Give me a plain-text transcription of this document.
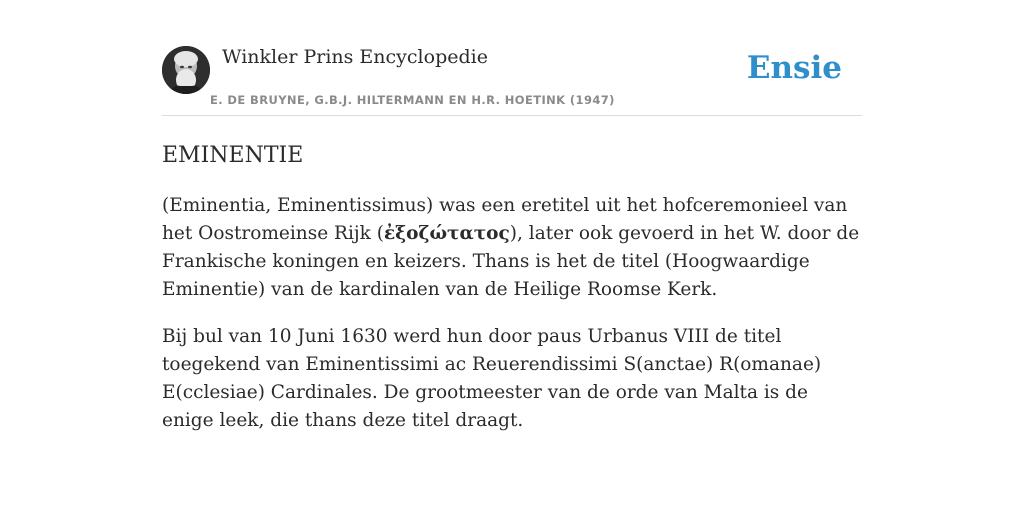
Winkler Prins Encyclopedie
E. DE BRUYNE, G.B.J. HILTERMANN EN H.R. HOETINK (1947)
Ensie
EMINENTIE

(Eminentia, Eminentissimus) was een eretitel uit het hofceremonieel van het Oostromeinse Rijk (ἐξοζώτατος), later ook gevoerd in het W. door de Frankische koningen en keizers. Thans is het de titel (Hoogwaardige Eminentie) van de kardinalen van de Heilige Roomse Kerk.

Bij bul van 10 Juni 1630 werd hun door paus Urbanus VIII de titel toegekend van Eminentissimi ac Reuerendissimi S(anctae) R(omanae) E(cclesiae) Cardinales. De grootmeester van de orde van Malta is de enige leek, die thans deze titel draagt.
